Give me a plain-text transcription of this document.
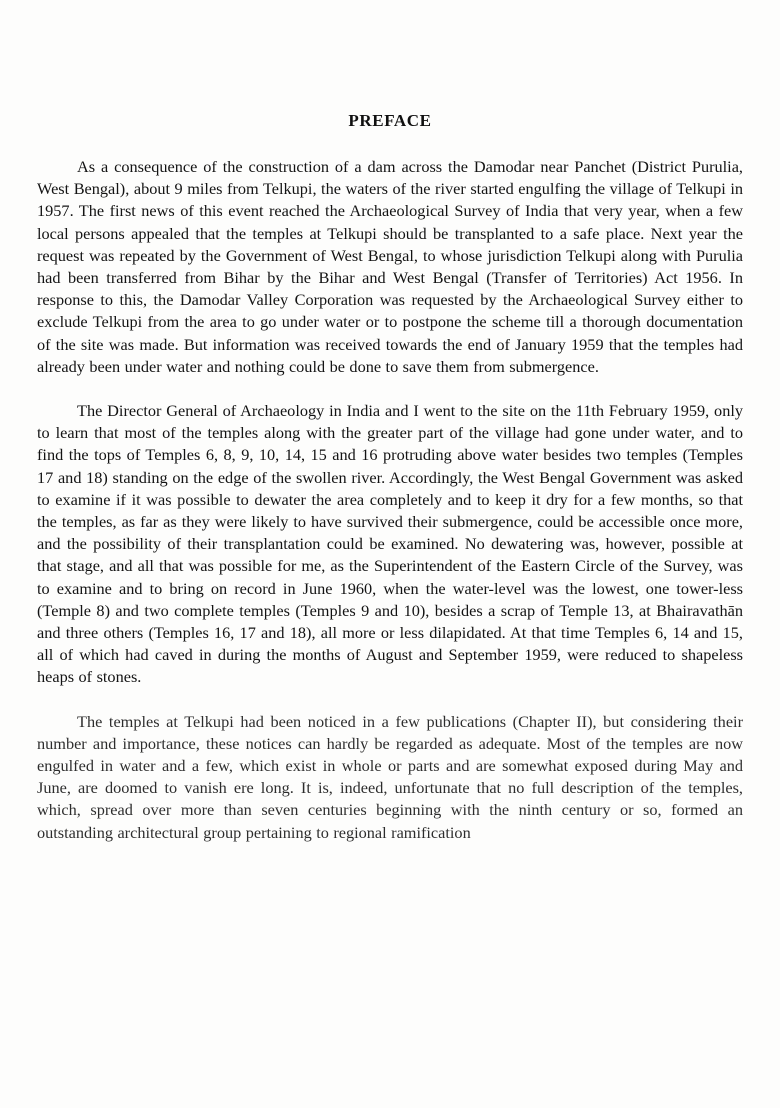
PREFACE

As a consequence of the construction of a dam across the Damodar near Panchet (District Purulia, West Bengal), about 9 miles from Telkupi, the waters of the river started engulfing the village of Telkupi in 1957. The first news of this event reached the Archaeological Survey of India that very year, when a few local persons appealed that the temples at Telkupi should be transplanted to a safe place. Next year the request was repeated by the Government of West Bengal, to whose jurisdiction Telkupi along with Purulia had been transferred from Bihar by the Bihar and West Bengal (Transfer of Territories) Act 1956. In response to this, the Damodar Valley Corporation was requested by the Archaeological Survey either to exclude Telkupi from the area to go under water or to postpone the scheme till a thorough documentation of the site was made. But information was received towards the end of January 1959 that the temples had already been under water and nothing could be done to save them from submergence.

The Director General of Archaeology in India and I went to the site on the 11th February 1959, only to learn that most of the temples along with the greater part of the village had gone under water, and to find the tops of Temples 6, 8, 9, 10, 14, 15 and 16 protruding above water besides two temples (Temples 17 and 18) standing on the edge of the swollen river. Accordingly, the West Bengal Government was asked to examine if it was possible to dewater the area completely and to keep it dry for a few months, so that the temples, as far as they were likely to have survived their submergence, could be accessible once more, and the possibility of their transplantation could be examined. No dewatering was, however, possible at that stage, and all that was possible for me, as the Superintendent of the Eastern Circle of the Survey, was to examine and to bring on record in June 1960, when the water-level was the lowest, one tower-less (Temple 8) and two complete temples (Temples 9 and 10), besides a scrap of Temple 13, at Bhairavathān and three others (Temples 16, 17 and 18), all more or less dilapidated. At that time Temples 6, 14 and 15, all of which had caved in during the months of August and September 1959, were reduced to shapeless heaps of stones.

The temples at Telkupi had been noticed in a few publications (Chapter II), but considering their number and importance, these notices can hardly be regarded as adequate. Most of the temples are now engulfed in water and a few, which exist in whole or parts and are somewhat exposed during May and June, are doomed to vanish ere long. It is, indeed, unfortunate that no full description of the temples, which, spread over more than seven centuries beginning with the ninth century or so, formed an outstanding architectural group pertaining to regional ramification
